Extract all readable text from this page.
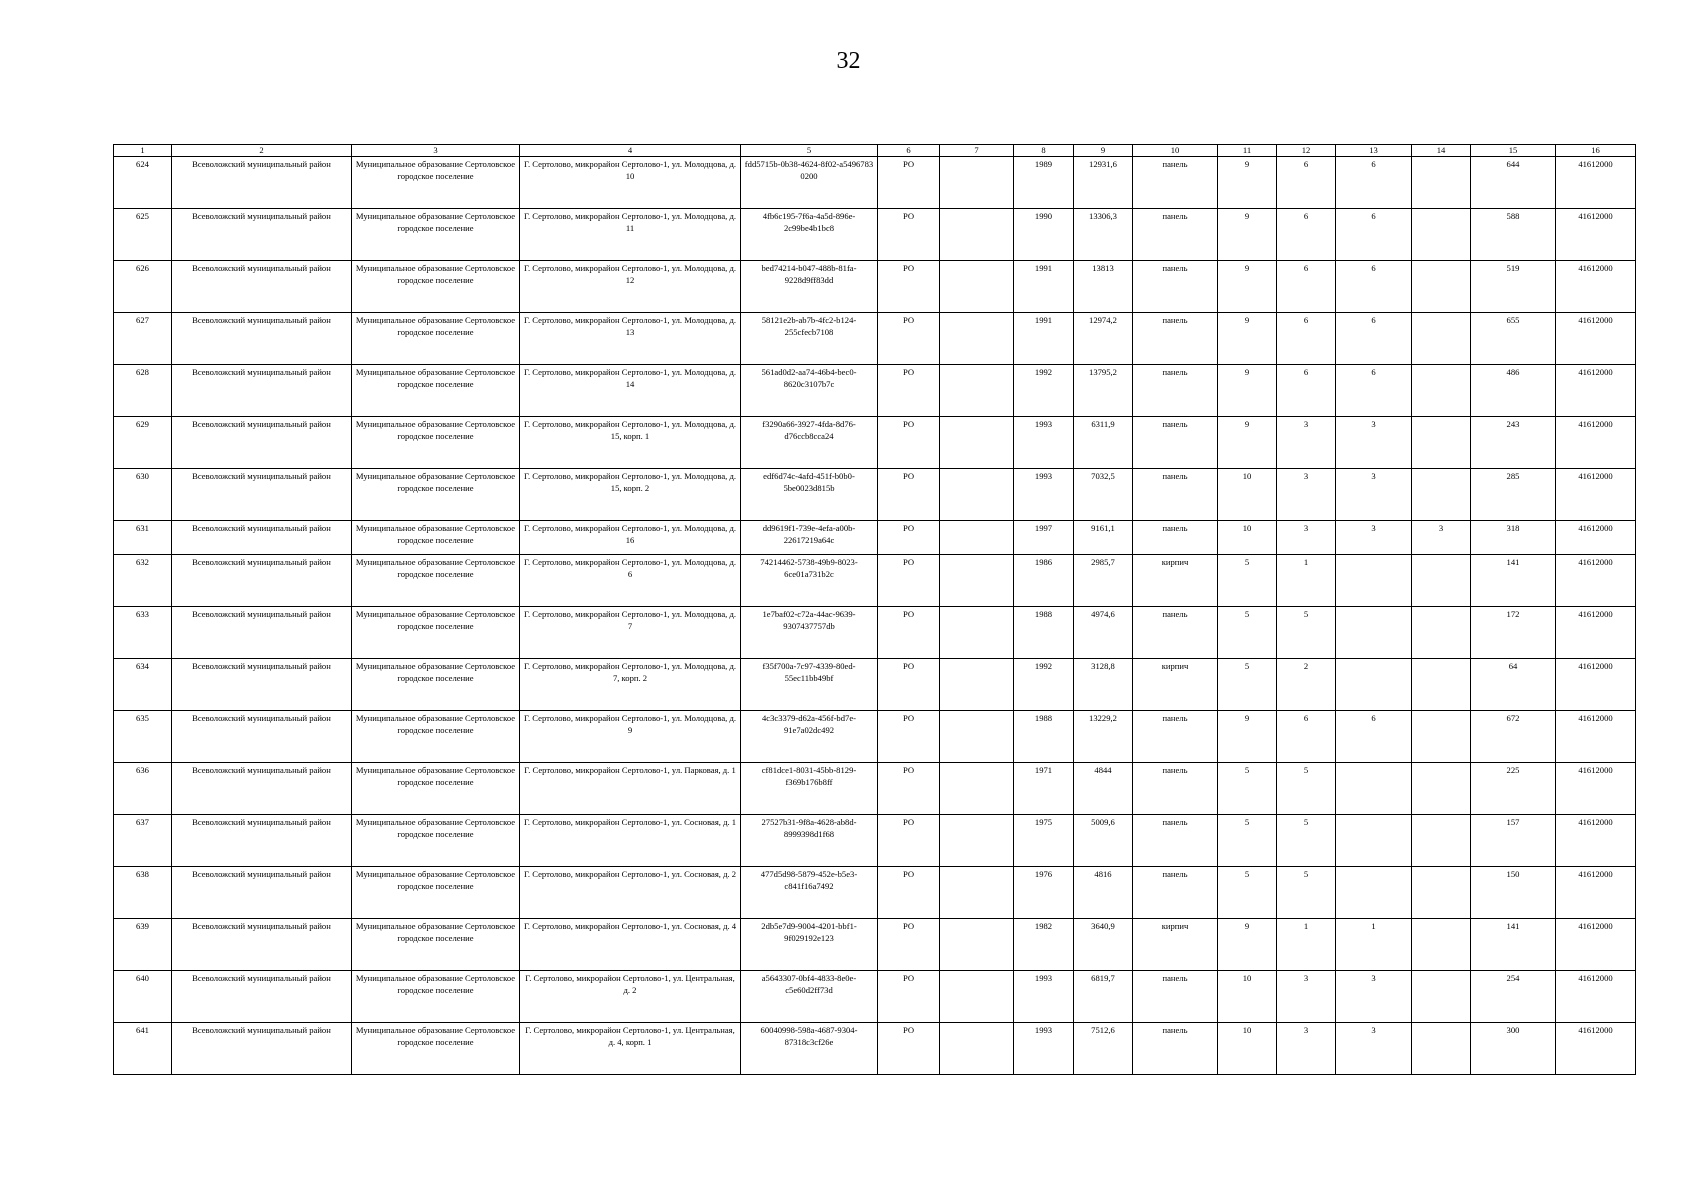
32
1	2	3	4	5	6	7	8	9	10	11	12	13	14	15	16
624	Всеволожский муниципальный район	Муниципальное образование Сертоловское городское поселение	Г. Сертолово, микрорайон Сертолово-1, ул. Молодцова, д. 10	fdd5715b-0b38-4624-8f02-a5496783 0200	РО		1989	12931,6	панель	9	6	6		644	41612000
625	Всеволожский муниципальный район	Муниципальное образование Сертоловское городское поселение	Г. Сертолово, микрорайон Сертолово-1, ул. Молодцова, д. 11	4fb6c195-7f6a-4a5d-896e-2c99be4b1bc8	РО		1990	13306,3	панель	9	6	6		588	41612000
626	Всеволожский муниципальный район	Муниципальное образование Сертоловское городское поселение	Г. Сертолово, микрорайон Сертолово-1, ул. Молодцова, д. 12	bed74214-b047-488b-81fa-9228d9ff83dd	РО		1991	13813	панель	9	6	6		519	41612000
627	Всеволожский муниципальный район	Муниципальное образование Сертоловское городское поселение	Г. Сертолово, микрорайон Сертолово-1, ул. Молодцова, д. 13	58121e2b-ab7b-4fc2-b124-255cfecb7108	РО		1991	12974,2	панель	9	6	6		655	41612000
628	Всеволожский муниципальный район	Муниципальное образование Сертоловское городское поселение	Г. Сертолово, микрорайон Сертолово-1, ул. Молодцова, д. 14	561ad0d2-aa74-46b4-bec0-8620c3107b7c	РО		1992	13795,2	панель	9	6	6		486	41612000
629	Всеволожский муниципальный район	Муниципальное образование Сертоловское городское поселение	Г. Сертолово, микрорайон Сертолово-1, ул. Молодцова, д. 15, корп. 1	f3290a66-3927-4fda-8d76-d76ccb8cca24	РО		1993	6311,9	панель	9	3	3		243	41612000
630	Всеволожский муниципальный район	Муниципальное образование Сертоловское городское поселение	Г. Сертолово, микрорайон Сертолово-1, ул. Молодцова, д. 15, корп. 2	edf6d74c-4afd-451f-b0b0-5be0023d815b	РО		1993	7032,5	панель	10	3	3		285	41612000
631	Всеволожский муниципальный район	Муниципальное образование Сертоловское городское поселение	Г. Сертолово, микрорайон Сертолово-1, ул. Молодцова, д. 16	dd9619f1-739e-4efa-a00b-22617219a64c	РО		1997	9161,1	панель	10	3	3	3	318	41612000
632	Всеволожский муниципальный район	Муниципальное образование Сертоловское городское поселение	Г. Сертолово, микрорайон Сертолово-1, ул. Молодцова, д. 6	74214462-5738-49b9-8023-6ce01a731b2c	РО		1986	2985,7	кирпич	5	1			141	41612000
633	Всеволожский муниципальный район	Муниципальное образование Сертоловское городское поселение	Г. Сертолово, микрорайон Сертолово-1, ул. Молодцова, д. 7	1e7baf02-c72a-44ac-9639-9307437757db	РО		1988	4974,6	панель	5	5			172	41612000
634	Всеволожский муниципальный район	Муниципальное образование Сертоловское городское поселение	Г. Сертолово, микрорайон Сертолово-1, ул. Молодцова, д. 7, корп. 2	f35f700a-7c97-4339-80ed-55ec11bb49bf	РО		1992	3128,8	кирпич	5	2			64	41612000
635	Всеволожский муниципальный район	Муниципальное образование Сертоловское городское поселение	Г. Сертолово, микрорайон Сертолово-1, ул. Молодцова, д. 9	4c3c3379-d62a-456f-bd7e-91e7a02dc492	РО		1988	13229,2	панель	9	6	6		672	41612000
636	Всеволожский муниципальный район	Муниципальное образование Сертоловское городское поселение	Г. Сертолово, микрорайон Сертолово-1, ул. Парковая, д. 1	cf81dce1-8031-45bb-8129-f369b176b8ff	РО		1971	4844	панель	5	5			225	41612000
637	Всеволожский муниципальный район	Муниципальное образование Сертоловское городское поселение	Г. Сертолово, микрорайон Сертолово-1, ул. Сосновая, д. 1	27527b31-9f8a-4628-ab8d-8999398d1f68	РО		1975	5009,6	панель	5	5			157	41612000
638	Всеволожский муниципальный район	Муниципальное образование Сертоловское городское поселение	Г. Сертолово, микрорайон Сертолово-1, ул. Сосновая, д. 2	477d5d98-5879-452e-b5e3-c841f16a7492	РО		1976	4816	панель	5	5			150	41612000
639	Всеволожский муниципальный район	Муниципальное образование Сертоловское городское поселение	Г. Сертолово, микрорайон Сертолово-1, ул. Сосновая, д. 4	2db5e7d9-9004-4201-bbf1-9f029192e123	РО		1982	3640,9	кирпич	9	1	1		141	41612000
640	Всеволожский муниципальный район	Муниципальное образование Сертоловское городское поселение	Г. Сертолово, микрорайон Сертолово-1, ул. Центральная, д. 2	a5643307-0bf4-4833-8e0e-c5e60d2ff73d	РО		1993	6819,7	панель	10	3	3		254	41612000
641	Всеволожский муниципальный район	Муниципальное образование Сертоловское городское поселение	Г. Сертолово, микрорайон Сертолово-1, ул. Центральная, д. 4, корп. 1	60040998-598a-4687-9304-87318c3cf26e	РО		1993	7512,6	панель	10	3	3		300	41612000
